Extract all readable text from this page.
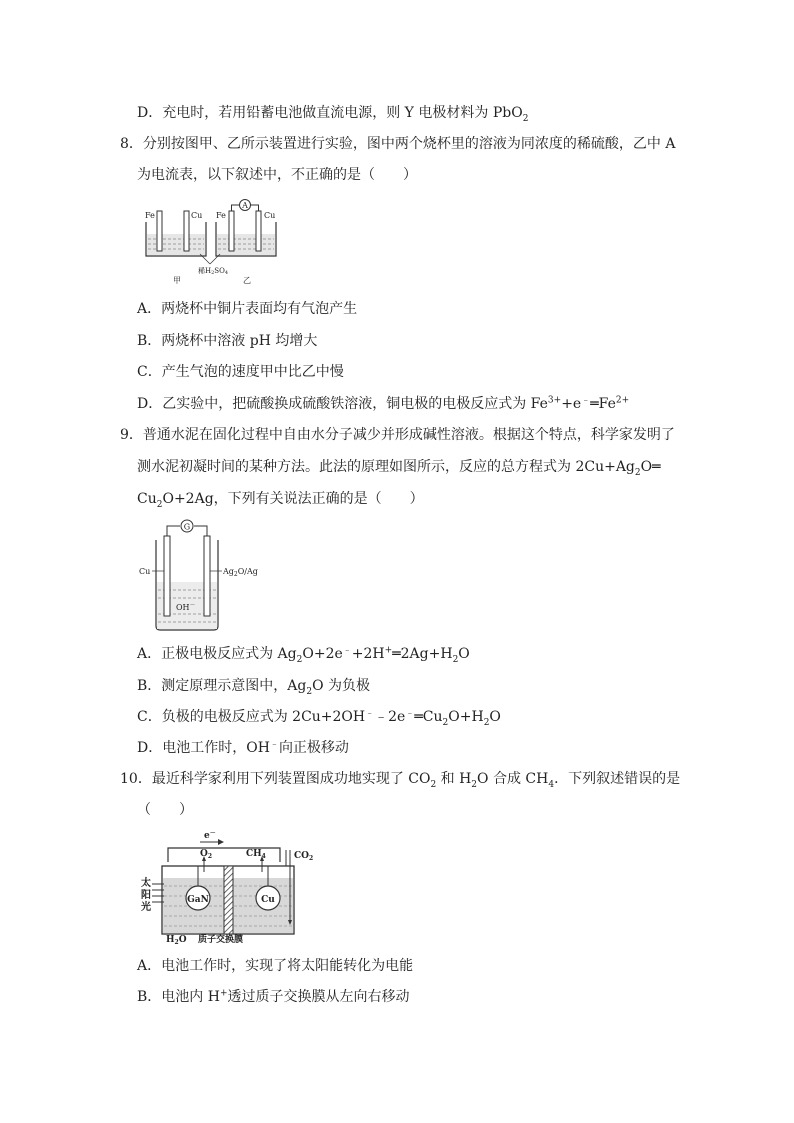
D．充电时，若用铅蓄电池做直流电源，则 Y 电极材料为 PbO$_2$
8．分别按图甲、乙所示装置进行实验，图中两个烧杯里的溶液为同浓度的稀硫酸，乙中 A
为电流表，以下叙述中，不正确的是（　　）
A
Fe	Cu Fe	Cu
稀H2SO4
甲	乙
A．两烧杯中铜片表面均有气泡产生
B．两烧杯中溶液 pH 均增大
C．产生气泡的速度甲中比乙中慢
D．乙实验中，把硫酸换成硫酸铁溶液，铜电极的电极反应式为 $Fe^{3+}+e^﹣═Fe^{2+}$
9．普通水泥在固化过程中自由水分子减少并形成碱性溶液。根据这个特点，科学家发明了
测水泥初凝时间的某种方法。此法的原理如图所示，反应的总方程式为 $2Cu+Ag_2O═$
$Cu_2O+2Ag$，下列有关说法正确的是（　　）
G
Cu	$Ag_2O/Ag$
OH－
A．正极电极反应式为 $Ag_2O+2e^﹣+2H^+═2Ag+H_2O$
B．测定原理示意图中，$Ag_2O$ 为负极
C．负极的电极反应式为 $2Cu+2OH^﹣﹣2e^﹣═Cu_2O+H_2O$
D．电池工作时，OH﹣向正极移动
10．最近科学家利用下列装置图成功地实现了 $CO_2$ 和 $H_2O$ 合成 $CH_4$．下列叙述错误的是
（　　）
e－
GaN	Cu
$O_2$	$CH_4$	$CO_2$
太
阳
光
$H_2O$ 质子交换膜
A．电池工作时，实现了将太阳能转化为电能
B．电池内 H+透过质子交换膜从左向右移动
